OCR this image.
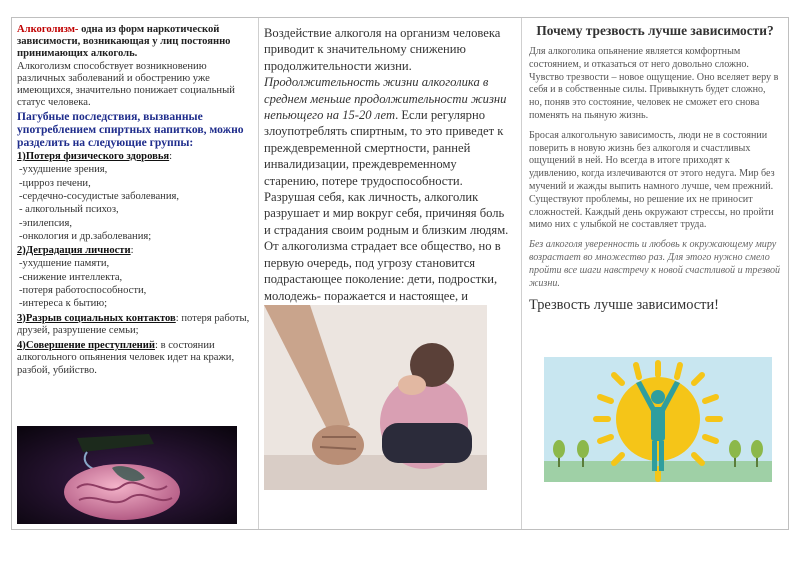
Алкоголизм- одна из форм наркотической зависимости, возникающая у лиц постоянно принимающих алкоголь.
Алкоголизм способствует возникновению различных заболеваний и обострению уже имеющихся, значительно понижает социальный статус человека.
Пагубные последствия, вызванные употреблением спиртных напитков, можно разделить на следующие группы:
1)Потеря физического здоровья:
-ухудшение зрения,
-цирроз печени,
-сердечно-сосудистые заболевания,
- алкогольный психоз,
-эпилепсия,
-онкология и др.заболевания;
2)Деградация личности:
-ухудшение памяти,
-снижение интеллекта,
-потеря работоспособности,
-интереса к бытию;
3)Разрыв социальных контактов: потеря работы, друзей, разрушение семьи;
4)Совершение преступлений: в состоянии алкогольного опьянения человек идет на кражи, разбой, убийство.
Воздействие алкоголя на организм человека приводит к значительному снижению продолжительности жизни. Продолжительность жизни алкоголика в среднем меньше продолжительности жизни непьющего на 15-20 лет. Если регулярно злоупотреблять спиртным, то это приведет к преждевременной смертности, ранней инвалидизации, преждевременному старению, потере трудоспособности. Разрушая себя, как личность, алкоголик разрушает и мир вокруг себя, причиняя боль и страдания своим родным и близким людям. От алкоголизма страдает все общество, но в первую очередь, под угрозу становится подрастающее поколение: дети, подростки, молодежь- поражается и настоящее, и
Почему трезвость лучше зависимости?
Для алкоголика опьянение является комфортным состоянием, и отказаться от него довольно сложно. Чувство трезвости – новое ощущение. Оно вселяет веру в себя и в собственные силы. Привыкнуть будет сложно, но, поняв это состояние, человек не сможет его снова поменять на пьяную жизнь.
Бросая алкогольную зависимость, люди не в состоянии поверить в новую жизнь без алкоголя и счастливых ощущений в ней. Но всегда в итоге приходят к удивлению, когда излечиваются от этого недуга. Мир без мучений и жажды выпить намного лучше, чем прежний. Существуют проблемы, но решение их не приносит сложностей. Каждый день окружают стрессы, но пройти мимо них с улыбкой не составляет труда.
Без алкоголя уверенность и любовь к окружающему миру возрастает во множество раз. Для этого нужно смело пройти все шаги навстречу к новой счастливой и трезвой жизни.
Трезвость лучше зависимости!
